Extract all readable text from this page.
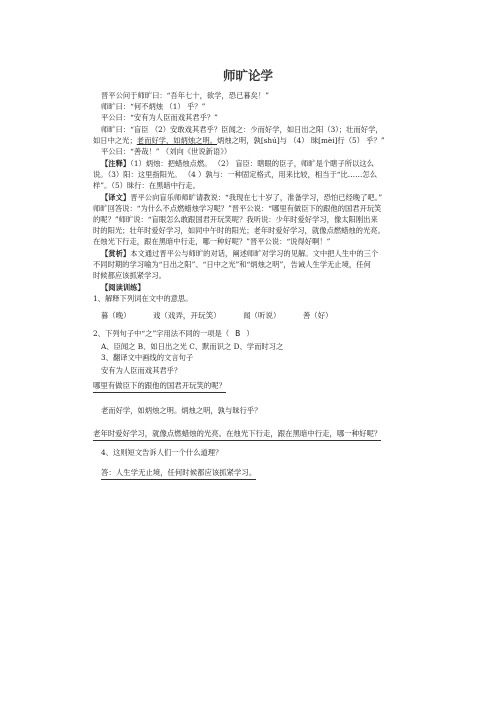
师旷论学
晋平公问于师旷曰：“吾年七十，欲学，恐已暮矣！”
师旷曰：“何不炳烛 （1） 乎？”
平公曰：“安有为人臣而戏其君乎？”
师旷曰：“盲臣 （2）安敢戏其君乎？臣闻之：少而好学，如日出之阳（3）；壮而好学，
如日中之光；老而好学，如炳烛之明。炳烛之明，孰[shú]与 （4） 昧[mèi]行（5） 乎？”
平公曰：“善哉！” （刘向《世说新语》）
【注释】（1）炳烛：把蜡烛点燃。 （2） 盲臣：瞎眼的臣子，师旷是个瞎子所以这么
说。（3）阳：这里指阳光。 （4 ）孰与：一种固定格式，用来比较，相当于“比……怎么
样”。（5）昧行：在黑暗中行走。
【译文】晋平公向盲乐师师旷请教说：“我现在七十岁了，准备学习，恐怕已经晚了吧。”
师旷回答说：“为什么不点燃蜡烛学习呢？”晋平公说：“哪里有做臣下的跟他的国君开玩笑
的呢？”师旷说：“盲眼怎么敢跟国君开玩笑呢？我听说：少年时爱好学习，像太阳刚出来
时的阳光；壮年时爱好学习，如同中午时的阳光；老年时爱好学习，就像点燃蜡烛的光亮。
在烛光下行走，跟在黑暗中行走，哪一种好呢？”晋平公说：“说得好啊！”
【赏析】本文通过晋平公与师旷的对话，阐述师旷对学习的见解。文中把人生中的三个
不同时期的学习喻为“日出之阳”、“日中之光”和“炳烛之明”，告诫人生学无止境，任何
时候都应该抓紧学习。
【阅读训练】
1、解释下列词在文中的意思。
暮（晚）	戏（戏弄，开玩笑）	闻（听说）	善（好）
2、下列句子中“之”字用法不同的一项是（ B ）
A、臣闻之 B、如日出之光 C、默而识之 D、学而时习之
3、翻译文中画线的文言句子
安有为人臣而戏其君乎？
哪里有做臣下的跟他的国君开玩笑的呢？
老而好学，如炳烛之明。炳烛之明，孰与昧行乎？
老年时爱好学习，就像点燃蜡烛的光亮。在烛光下行走，跟在黑暗中行走，哪一种好呢？
4、这则短文告诉人们一个什么道理？
答：人生学无止境，任何时候都应该抓紧学习。
